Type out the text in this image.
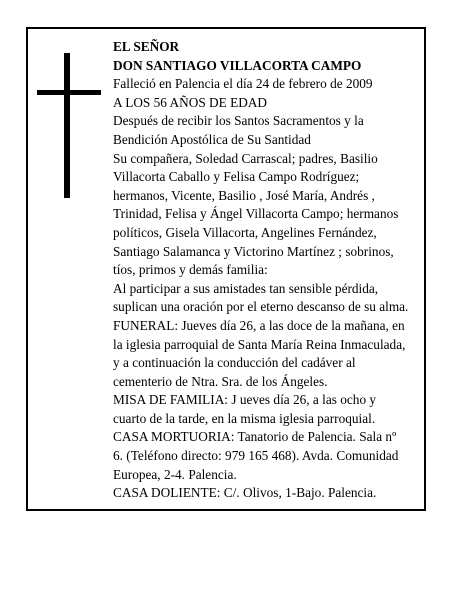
EL SEÑOR
DON SANTIAGO VILLACORTA CAMPO
Falleció en Palencia el día 24 de febrero de 2009
A LOS 56 AÑOS DE EDAD
Después de recibir los Santos Sacramentos y la
Bendición Apostólica de Su Santidad
Su compañera, Soledad Carrascal; padres, Basilio
Villacorta Caballo y Felisa Campo Rodríguez;
hermanos, Vicente, Basilio , José María, Andrés ,
Trinidad, Felisa y Ángel Villacorta Campo; hermanos
políticos, Gisela Villacorta, Angelines Fernández,
Santiago Salamanca y Victorino Martínez ; sobrinos,
tíos, primos y demás familia:
Al participar a sus amistades tan sensible pérdida,
suplican una oración por el eterno descanso de su alma.
FUNERAL: Jueves día 26, a las doce de la mañana, en
la iglesia parroquial de Santa María Reina Inmaculada,
y a continuación la conducción del cadáver al
cementerio de Ntra. Sra. de los Ángeles.
MISA DE FAMILIA: J ueves día 26, a las ocho y
cuarto de la tarde, en la misma iglesia parroquial.
CASA MORTUORIA: Tanatorio de Palencia. Sala nº
6. (Teléfono directo: 979 165 468). Avda. Comunidad
Europea, 2-4. Palencia.
CASA DOLIENTE: C/. Olivos, 1-Bajo. Palencia.
